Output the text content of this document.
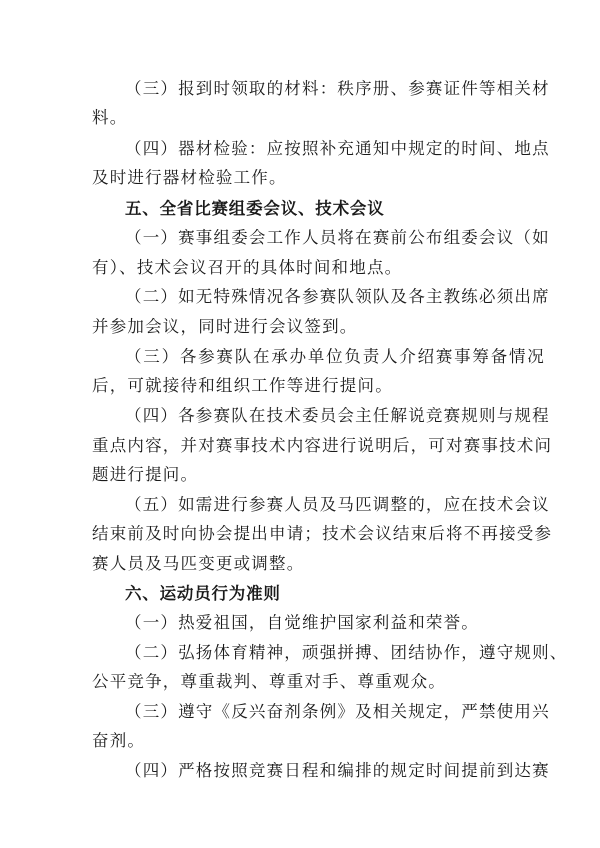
（三）报到时领取的材料：秩序册、参赛证件等相关材
料。
（四）器材检验：应按照补充通知中规定的时间、地点
及时进行器材检验工作。
五、全省比赛组委会议、技术会议
（一）赛事组委会工作人员将在赛前公布组委会议（如
有）、技术会议召开的具体时间和地点。
（二）如无特殊情况各参赛队领队及各主教练必须出席
并参加会议，同时进行会议签到。
（三）各参赛队在承办单位负责人介绍赛事筹备情况
后，可就接待和组织工作等进行提问。
（四）各参赛队在技术委员会主任解说竞赛规则与规程
重点内容，并对赛事技术内容进行说明后，可对赛事技术问
题进行提问。
（五）如需进行参赛人员及马匹调整的，应在技术会议
结束前及时向协会提出申请；技术会议结束后将不再接受参
赛人员及马匹变更或调整。
六、运动员行为准则
（一）热爱祖国，自觉维护国家利益和荣誉。
（二）弘扬体育精神，顽强拼搏、团结协作，遵守规则、
公平竞争，尊重裁判、尊重对手、尊重观众。
（三）遵守《反兴奋剂条例》及相关规定，严禁使用兴
奋剂。
（四）严格按照竞赛日程和编排的规定时间提前到达赛
